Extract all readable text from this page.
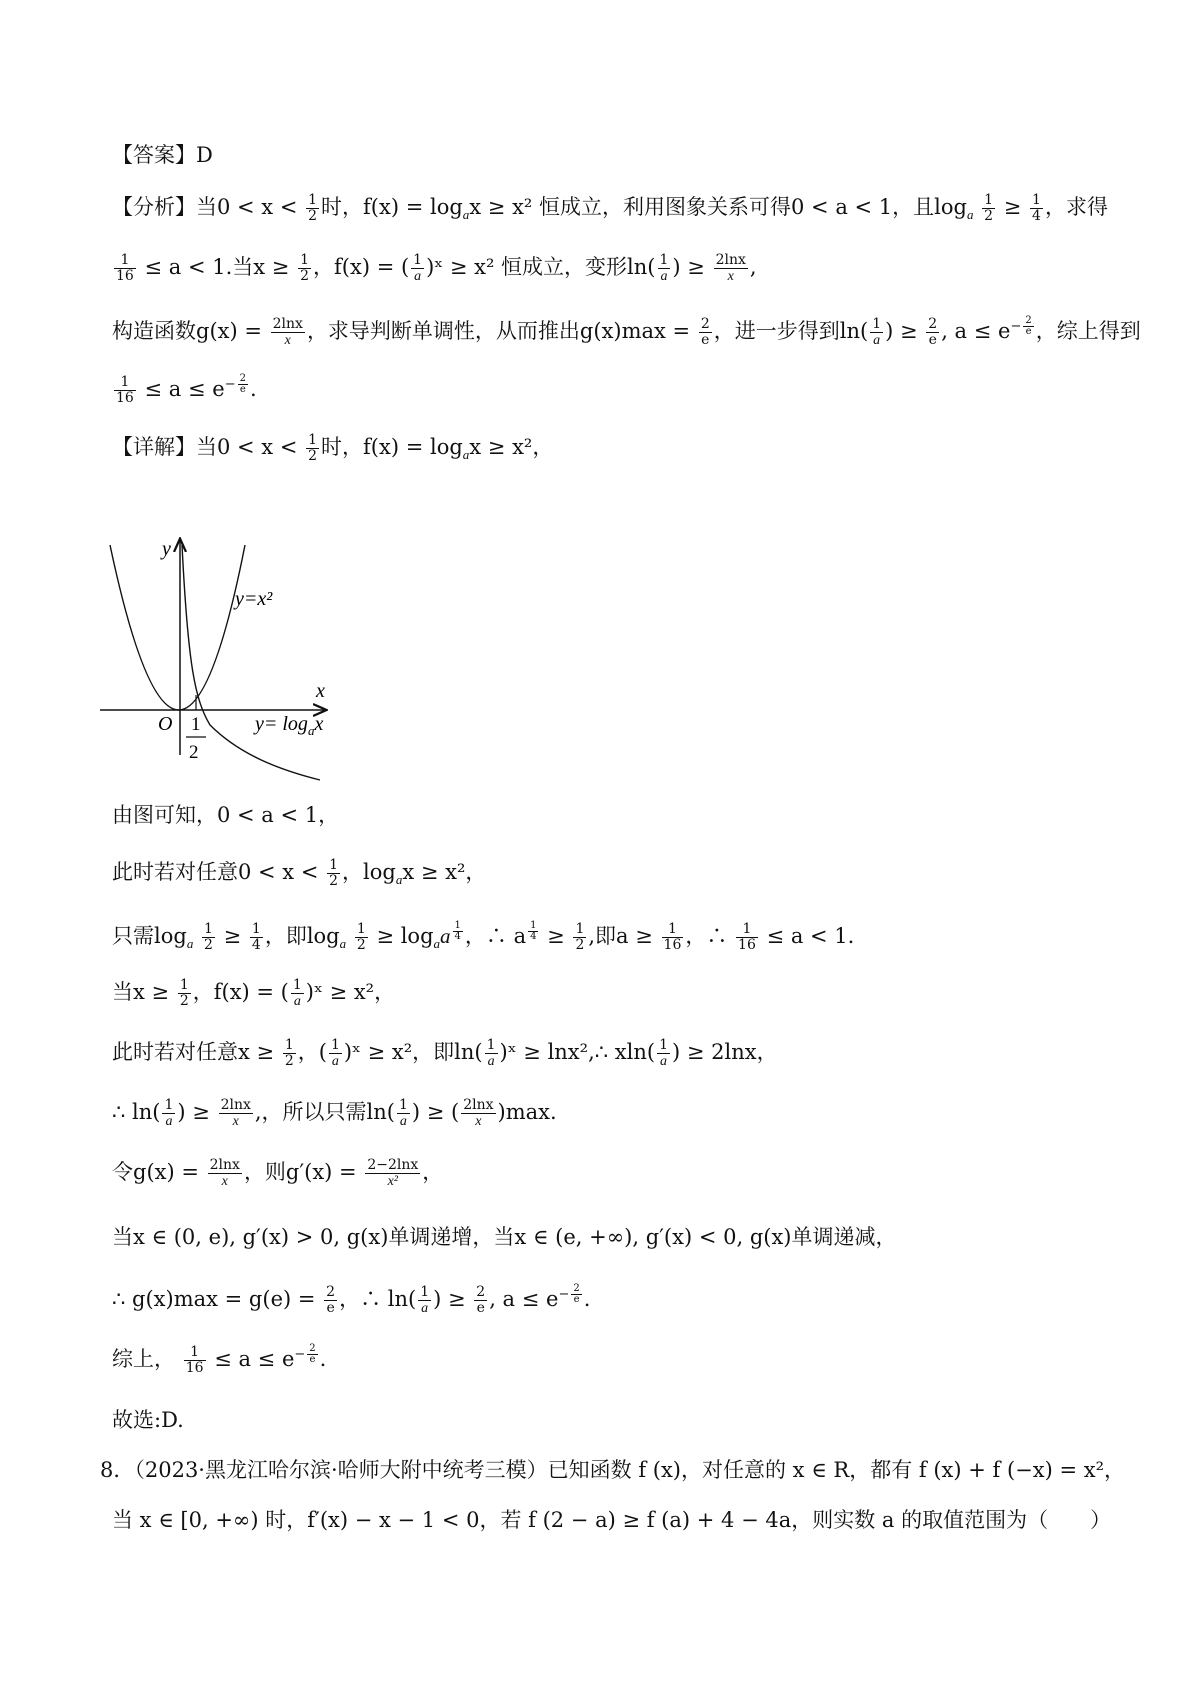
【答案】D
【分析】当$0 < x < \frac{1}{2}$ 时，$f(x) = \log_ax \ge x^2$ 恒成立，利用图象关系可得0 < a < 1，且$\log_a \frac{1}{2} \ge \frac{1}{4}$ ，求得
$\frac{1}{16} \le a < 1$.当$x \ge \frac{1}{2}$ ，f(x) = ( $\frac{1}{a}$ )ˣ ≥ x² 恒成立，变形$\ln( \frac{1}{a}$ ) ≥ $\frac{2\ln x}{x}$ ,
构造函数$g(x) = \frac{2\ln x}{x}$ ，求导判断单调性，从而推出$g(x)\max = \frac{2}{e}$ ，进一步得到$\ln( \frac{1}{a}$ ) ≥ $\frac{2}{e}$ , $a \le e^{- \frac{2}{e}}$ ，综上得到
$\frac{1}{16} \le a \le e^{- \frac{2}{e}}$ .
【详解】当$0 < x < \frac{1}{2}$ 时，$f(x) = \log_ax \ge x^2$，
y
x
O
y=x²
$y= \log_ax$
1
2
由图可知，0 < a < 1，
此时若对任意$0 < x < \frac{1}{2}$ ，$\log_ax \ge x^2$，
只需$\log_a \frac{1}{2} \ge \frac{1}{4}$ ，即$\log_a \frac{1}{2} \ge \log_aa$ $^{\frac{1}{4}}$ ，∴ a $^{\frac{1}{4}} \ge \frac{1}{2}$ ,即$a \ge \frac{1}{16}$ ，∴ $\frac{1}{16} \le a < 1$.
当$x \ge \frac{1}{2}$ ，f(x) = ( $\frac{1}{a}$ )ˣ ≥ x²，
此时若对任意$x \ge \frac{1}{2}$ ，( $\frac{1}{a}$ )ˣ ≥ x²，即$\ln( \frac{1}{a}$ )ˣ ≥ lnx²,∴ $xln( \frac{1}{a}$ ) ≥ 2lnx，
∴ $\ln( \frac{1}{a}$ ) ≥ $\frac{2\ln x}{x}$ ,，所以只需$\ln( \frac{1}{a}$ ) ≥ ( $\frac{2\ln x}{x} )\max$.
令$g(x) = \frac{2\ln x}{x}$ ，则$g'(x) = \frac{2-2\ln x}{\text{x²}}$ ，
当x ∈ (0, e), g′(x) > 0, g(x)单调递增，当x ∈ (e, +∞), g′(x) < 0, g(x)单调递减，
∴ $g(x)\max = g(e) = \frac{2}{e}$ ，∴ $\ln( \frac{1}{a}$ ) ≥ $\frac{2}{e}$ , $a \le e^{- \frac{2}{e}}$ .
综上， $\frac{1}{16} \le a \le e^{- \frac{2}{e}}$ .
故选:D.
8．（2023·黑龙江哈尔滨·哈师大附中统考三模）已知函数 f (x)，对任意的 x ∈ R，都有 f (x) + f (−x) = x²，
当 x ∈ [0, +∞) 时，f′(x) − x − 1 < 0，若 f (2 − a) ≥ f (a) + 4 − 4a，则实数 a 的取值范围为（　　）
